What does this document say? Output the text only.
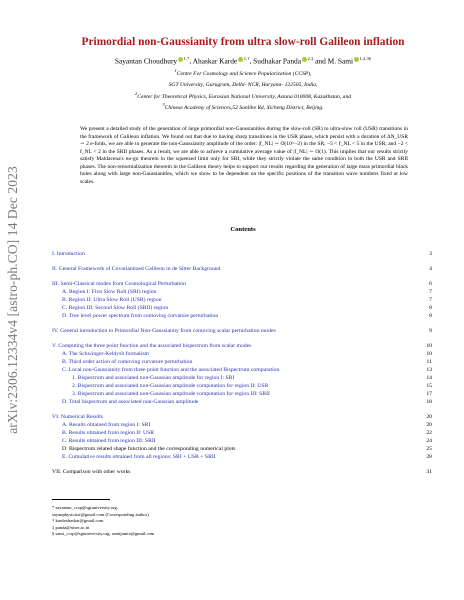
arXiv:2306.12334v4 [astro-ph.CO] 14 Dec 2023
Primordial non-Gaussianity from ultra slow-roll Galileon inflation
Sayantan Choudhury $^{1,*}$, Ahaskar Karde $^{1,\dagger}$, Sudhakar Panda $^{2,\ddagger}$ and M. Sami $^{1,2,3\S}$
$^1$Centre For Cosmology and Science Popularization (CCSP),
SGT University, Gurugram, Delhi- NCR, Haryana- 122505, India,
$^2$Center for Theoretical Physics, Eurasian National University, Astana 010008, Kazakhstan, and
$^3$Chinese Academy of Sciences,52 Sanlihe Rd, Xicheng District, Beijing.
We present a detailed study of the generation of large primordial non-Gaussianities during the slow-roll (SR) to ultra-slow roll (USR) transitions in the framework of Galileon inflation. We found out that due to having sharp transitions in the USR phase, which persist with a duration of ΔN_USR ∼ 2 e-folds, we are able to generate the non-Gaussianity amplitude of the order: |f_NL| ∼ O(10^−2) in the SR, −5 < f_NL < 5 in the USR, and −2 < f_NL < 2 in the SRII phases. As a result, we are able to achieve a cumulative average value of |f_NL| ∼ O(1). This implies that our results strictly satisfy Maldacena's no-go theorem in the squeezed limit only for SRI, while they strictly violate the same condition in both the USR and SRII phases. The non-renormalization theorem in the Galileon theory helps to support our results regarding the generation of large mass primordial black holes along with large non-Gaussianities, which we show to be dependent on the specific positions of the transition wave numbers fixed at low scales.
Contents
I. Introduction	3
II. General Framework of Covariantized Galileon in de Sitter Background	4
III. Semi-Classical modes from Cosmological Perturbation	6
A. Region I: First Slow Roll (SRI) region	7
B. Region II: Ultra Slow Roll (USR) region	7
C. Region III: Second Slow Roll (SRII) region	8
D. Tree level power spectrum from comoving curvature perturbation	8
IV. General introduction to Primordial Non-Gaussianity from comoving scalar perturbation modes	9
V. Computing the three point function and the associated bispectrum from scalar modes	10
A. The Schwinger-Keldysh formalism	10
B. Third order action of comoving curvature perturbation	11
C. Local non-Gaussianity from three point function and the associated Bispectrum computation	13
1. Bispectrum and associated non-Gaussian amplitude for region I: SRI	14
2. Bispectrum and associated non-Gaussian amplitude computation for region II: USR	15
3. Bispectrum and associated non-Gaussian amplitude computation for region III: SRII	17
D. Total bispectrum and associated non-Gaussian amplitude	18
VI. Numerical Results	20
A. Results obtained from region I: SRI	20
B. Results obtained from region II: USR	22
C. Results obtained from region III: SRII	24
D. Bispectrum related shape function and the corresponding numerical plots	25
E. Cumulative results obtained from all regions: SRI + USR + SRII	28
VII. Comparison with other works	31
* sayantan_ccsp@sgtuniversity.org,
sayanphysicsisi@gmail.com (Corresponding author)
† kardeahaskar@gmail.com
‡ panda@niser.ac.in
§ sami_ccsp@sgtuniversity.org, samijamia@gmail.com
